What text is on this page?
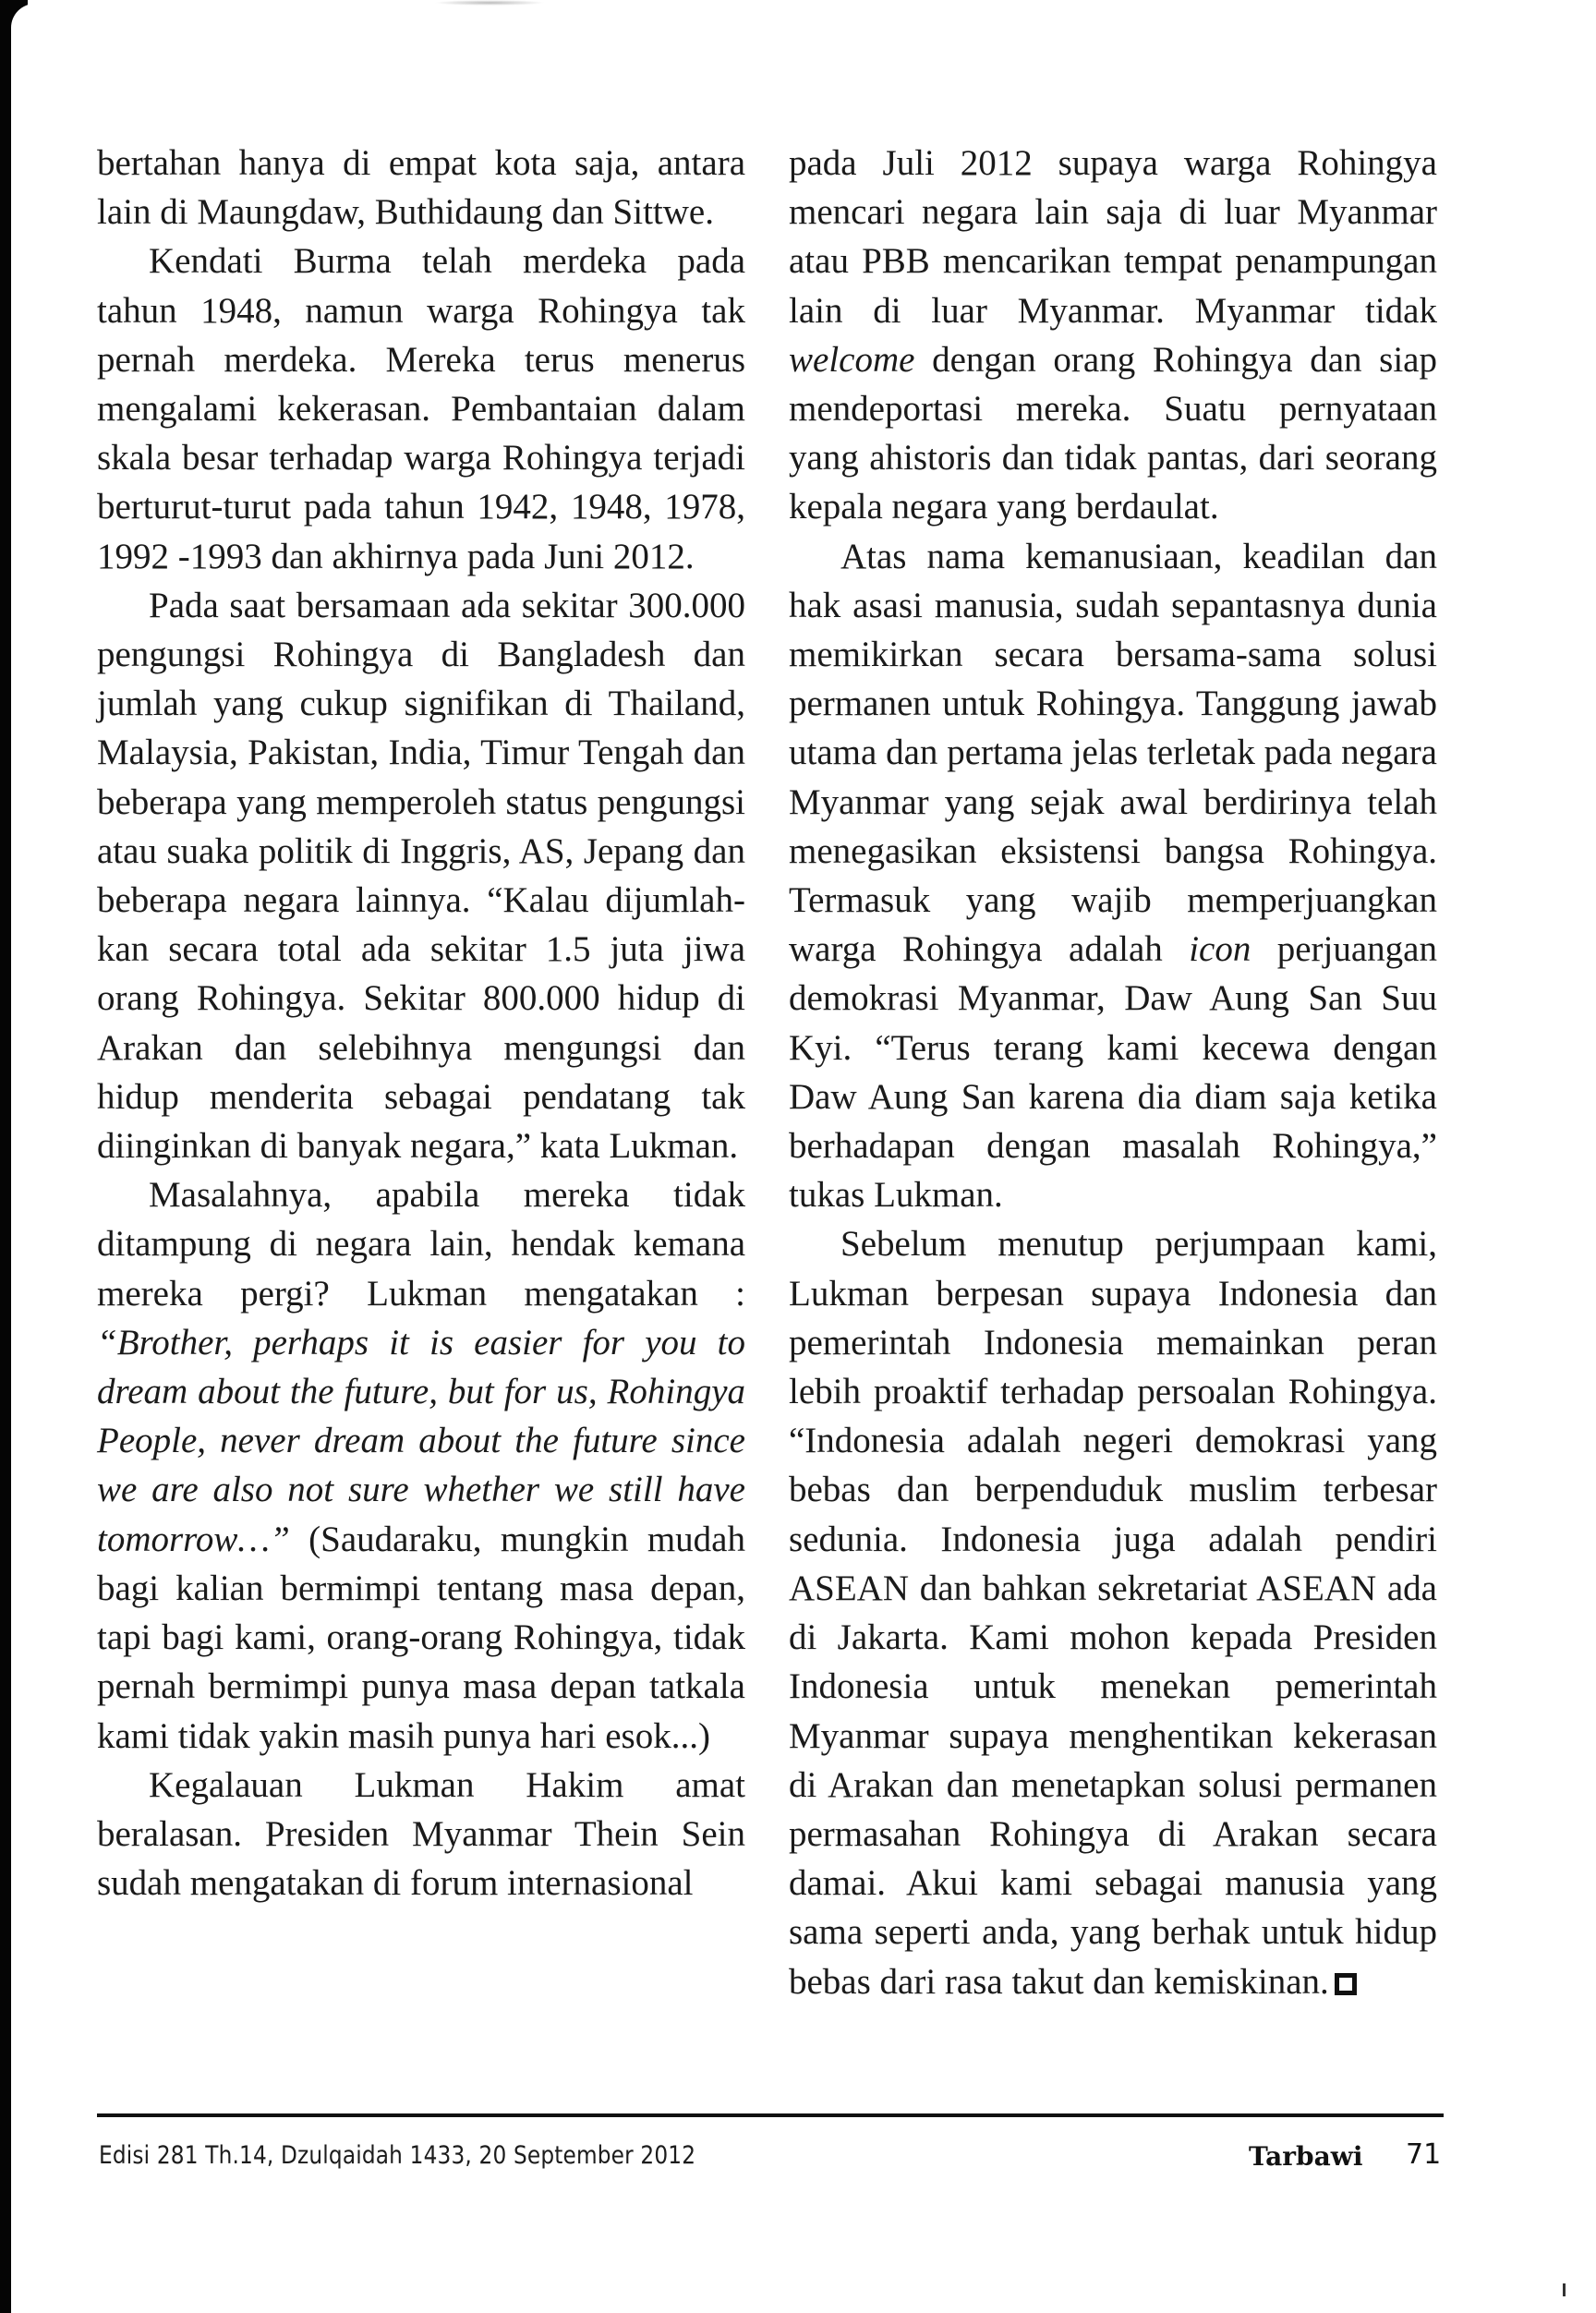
bertahan hanya di empat kota saja, antara lain di Maungdaw, Buthidaung dan Sittwe.

Kendati Burma telah merdeka pada tahun 1948, namun warga Rohingya tak pernah merdeka. Mereka terus menerus mengalami kekerasan. Pembantaian dalam skala besar terhadap warga Rohingya terjadi berturut-turut pada tahun 1942, 1948, 1978, 1992 -1993 dan akhirnya pada Juni 2012.

Pada saat bersamaan ada sekitar 300.000 pengungsi Rohingya di Bangladesh dan jumlah yang cukup signifikan di Thailand, Malaysia, Pakistan, India, Timur Tengah dan beberapa yang memperoleh status pengungsi atau suaka politik di Inggris, AS, Jepang dan beberapa negara lainnya. “Kalau dijumlahkan secara total ada sekitar 1.5 juta jiwa orang Rohingya. Sekitar 800.000 hidup di Arakan dan selebihnya mengungsi dan hidup menderita sebagai pendatang tak diinginkan di banyak negara,” kata Lukman.

Masalahnya, apabila mereka tidak ditampung di negara lain, hendak kemana mereka pergi? Lukman mengatakan : “Brother, perhaps it is easier for you to dream about the future, but for us, Rohingya People, never dream about the future since we are also not sure whether we still have tomorrow…” (Saudaraku, mungkin mudah bagi kalian bermimpi tentang masa depan, tapi bagi kami, orang-orang Rohingya, tidak pernah bermimpi punya masa depan tatkala kami tidak yakin masih punya hari esok...)

Kegalauan Lukman Hakim amat beralasan. Presiden Myanmar Thein Sein sudah mengatakan di forum internasional

pada Juli 2012 supaya warga Rohingya mencari negara lain saja di luar Myanmar atau PBB mencarikan tempat penampungan lain di luar Myanmar. Myanmar tidak welcome dengan orang Rohingya dan siap mendeportasi mereka. Suatu pernyataan yang ahistoris dan tidak pantas, dari seorang kepala negara yang berdaulat.

Atas nama kemanusiaan, keadilan dan hak asasi manusia, sudah sepantasnya dunia memikirkan secara bersama-sama solusi permanen untuk Rohingya. Tanggung jawab utama dan pertama jelas terletak pada negara Myanmar yang sejak awal berdirinya telah menegasikan eksistensi bangsa Rohingya. Termasuk yang wajib memperjuangkan warga Rohingya adalah icon perjuangan demokrasi Myanmar, Daw Aung San Suu Kyi. “Terus terang kami kecewa dengan Daw Aung San karena dia diam saja ketika berhadapan dengan masalah Rohingya,” tukas Lukman.

Sebelum menutup perjumpaan kami, Lukman berpesan supaya Indonesia dan pemerintah Indonesia memainkan peran lebih proaktif terhadap persoalan Rohingya. “Indonesia adalah negeri demokrasi yang bebas dan berpenduduk muslim terbesar sedunia. Indonesia juga adalah pendiri ASEAN dan bahkan sekretariat ASEAN ada di Jakarta. Kami mohon kepada Presiden Indonesia untuk menekan pemerintah Myanmar supaya menghentikan kekerasan di Arakan dan menetapkan solusi permanen permasahan Rohingya di Arakan secara damai. Akui kami sebagai manusia yang sama seperti anda, yang berhak untuk hidup bebas dari rasa takut dan kemiskinan.

Edisi 281 Th.14, Dzulqaidah 1433, 20 September 2012	Tarbawi 71
